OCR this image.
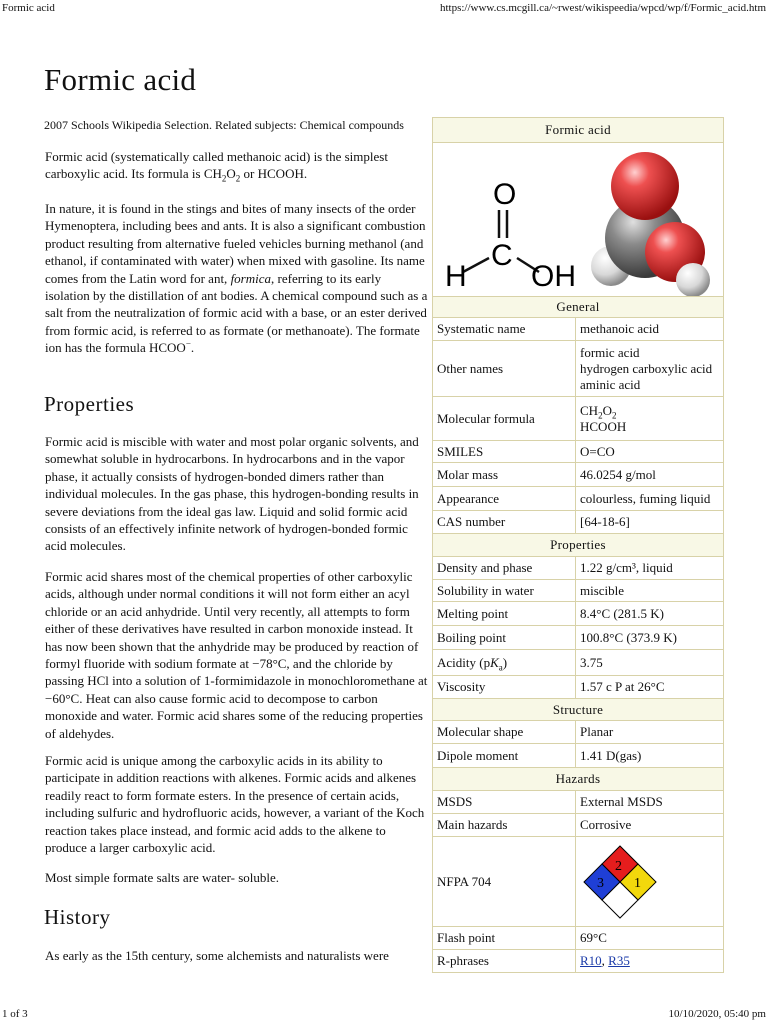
Formic acid	https://www.cs.mcgill.ca/~rwest/wikispeedia/wpcd/wp/f/Formic_acid.htm
1 of 3	10/10/2020, 05:40 pm
Formic acid
2007 Schools Wikipedia Selection. Related subjects: Chemical compounds

Formic acid (systematically called methanoic acid) is the simplest carboxylic acid. Its formula is $CH_2O_2$ or HCOOH.

In nature, it is found in the stings and bites of many insects of the order Hymenoptera, including bees and ants. It is also a significant combustion product resulting from alternative fueled vehicles burning methanol (and ethanol, if contaminated with water) when mixed with gasoline. Its name comes from the Latin word for ant, formica, referring to its early isolation by the distillation of ant bodies. A chemical compound such as a salt from the neutralization of formic acid with a base, or an ester derived from formic acid, is referred to as formate (or methanoate). The formate ion has the formula HCOO−.

Properties

Formic acid is miscible with water and most polar organic solvents, and somewhat soluble in hydrocarbons. In hydrocarbons and in the vapor phase, it actually consists of hydrogen-bonded dimers rather than individual molecules. In the gas phase, this hydrogen-bonding results in severe deviations from the ideal gas law. Liquid and solid formic acid consists of an effectively infinite network of hydrogen-bonded formic acid molecules.

Formic acid shares most of the chemical properties of other carboxylic acids, although under normal conditions it will not form either an acyl chloride or an acid anhydride. Until very recently, all attempts to form either of these derivatives have resulted in carbon monoxide instead. It has now been shown that the anhydride may be produced by reaction of formyl fluoride with sodium formate at −78°C, and the chloride by passing HCl into a solution of 1-formimidazole in monochloromethane at −60°C. Heat can also cause formic acid to decompose to carbon monoxide and water. Formic acid shares some of the reducing properties of aldehydes.

Formic acid is unique among the carboxylic acids in its ability to participate in addition reactions with alkenes. Formic acids and alkenes readily react to form formate esters. In the presence of certain acids, including sulfuric and hydrofluoric acids, however, a variant of the Koch reaction takes place instead, and formic acid adds to the alkene to produce a larger carboxylic acid.

Most simple formate salts are water- soluble.

History

As early as the 15th century, some alchemists and naturalists were

Formic acid
O
C
H OH
General
Systematic name	methanoic acid
Other names
formic acid
hydrogen carboxylic acid
aminic acid
Molecular formula
$CH_2O_2$
HCOOH
SMILES	O=CO
Molar mass	46.0254 g/mol
Appearance	colourless, fuming liquid
CAS number	[64-18-6]
Properties
Density and phase	1.22 g/cm³, liquid
Solubility in water	miscible
Melting point	8.4°C (281.5 K)
Boiling point	100.8°C (373.9 K)
Acidity $(pK_a)$	3.75
Viscosity	1.57 c P at 26°C
Structure
Molecular shape	Planar
Dipole moment	1.41 D(gas)
Hazards
MSDS	External MSDS
Main hazards	Corrosive
NFPA 704
2
3 1
Flash point	69°C
R-phrases	R10 , R35
